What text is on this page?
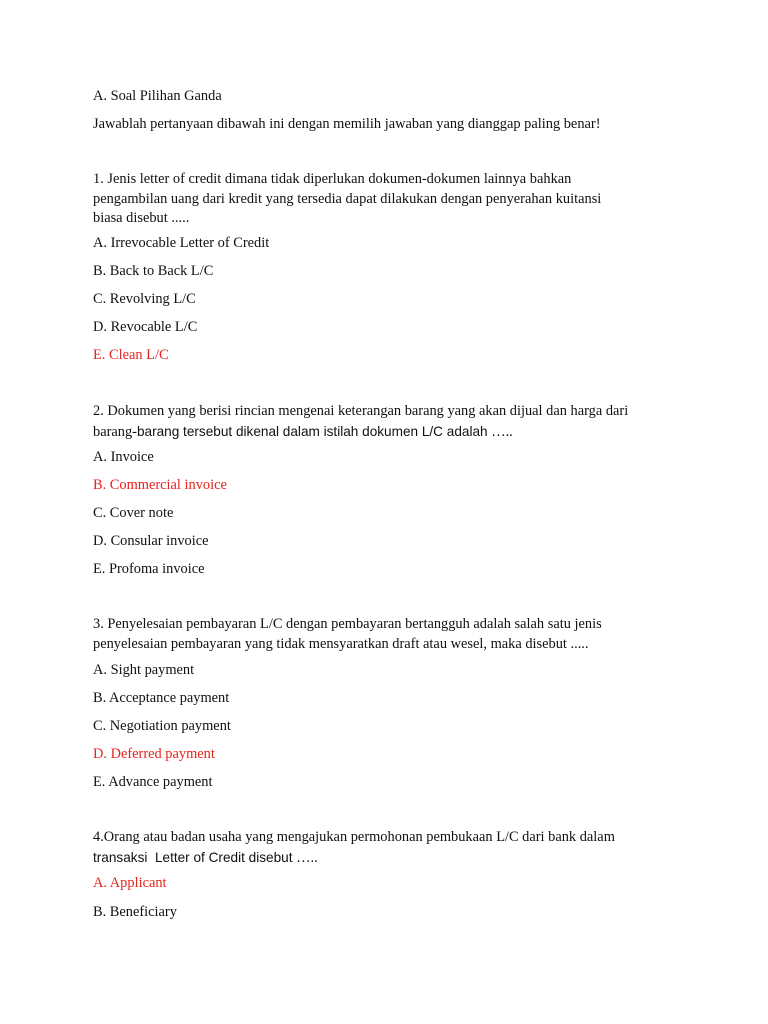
A. Soal Pilihan Ganda
Jawablah pertanyaan dibawah ini dengan memilih jawaban yang dianggap paling benar!
1. Jenis letter of credit dimana tidak diperlukan dokumen-dokumen lainnya bahkan
pengambilan uang dari kredit yang tersedia dapat dilakukan dengan penyerahan kuitansi
biasa disebut .....
A. Irrevocable Letter of Credit
B. Back to Back L/C
C. Revolving L/C
D. Revocable L/C
E. Clean L/C
2. Dokumen yang berisi rincian mengenai keterangan barang yang akan dijual dan harga dari
barang-barang tersebut dikenal dalam istilah dokumen L/C adalah …..
A. Invoice
B. Commercial invoice
C. Cover note
D. Consular invoice
E. Profoma invoice
3. Penyelesaian pembayaran L/C dengan pembayaran bertangguh adalah salah satu jenis
penyelesaian pembayaran yang tidak mensyaratkan draft atau wesel, maka disebut .....
A. Sight payment
B. Acceptance payment
C. Negotiation payment
D. Deferred payment
E. Advance payment
4.Orang atau badan usaha yang mengajukan permohonan pembukaan L/C dari bank dalam
transaksi  Letter of Credit disebut …..
A. Applicant
B. Beneficiary
